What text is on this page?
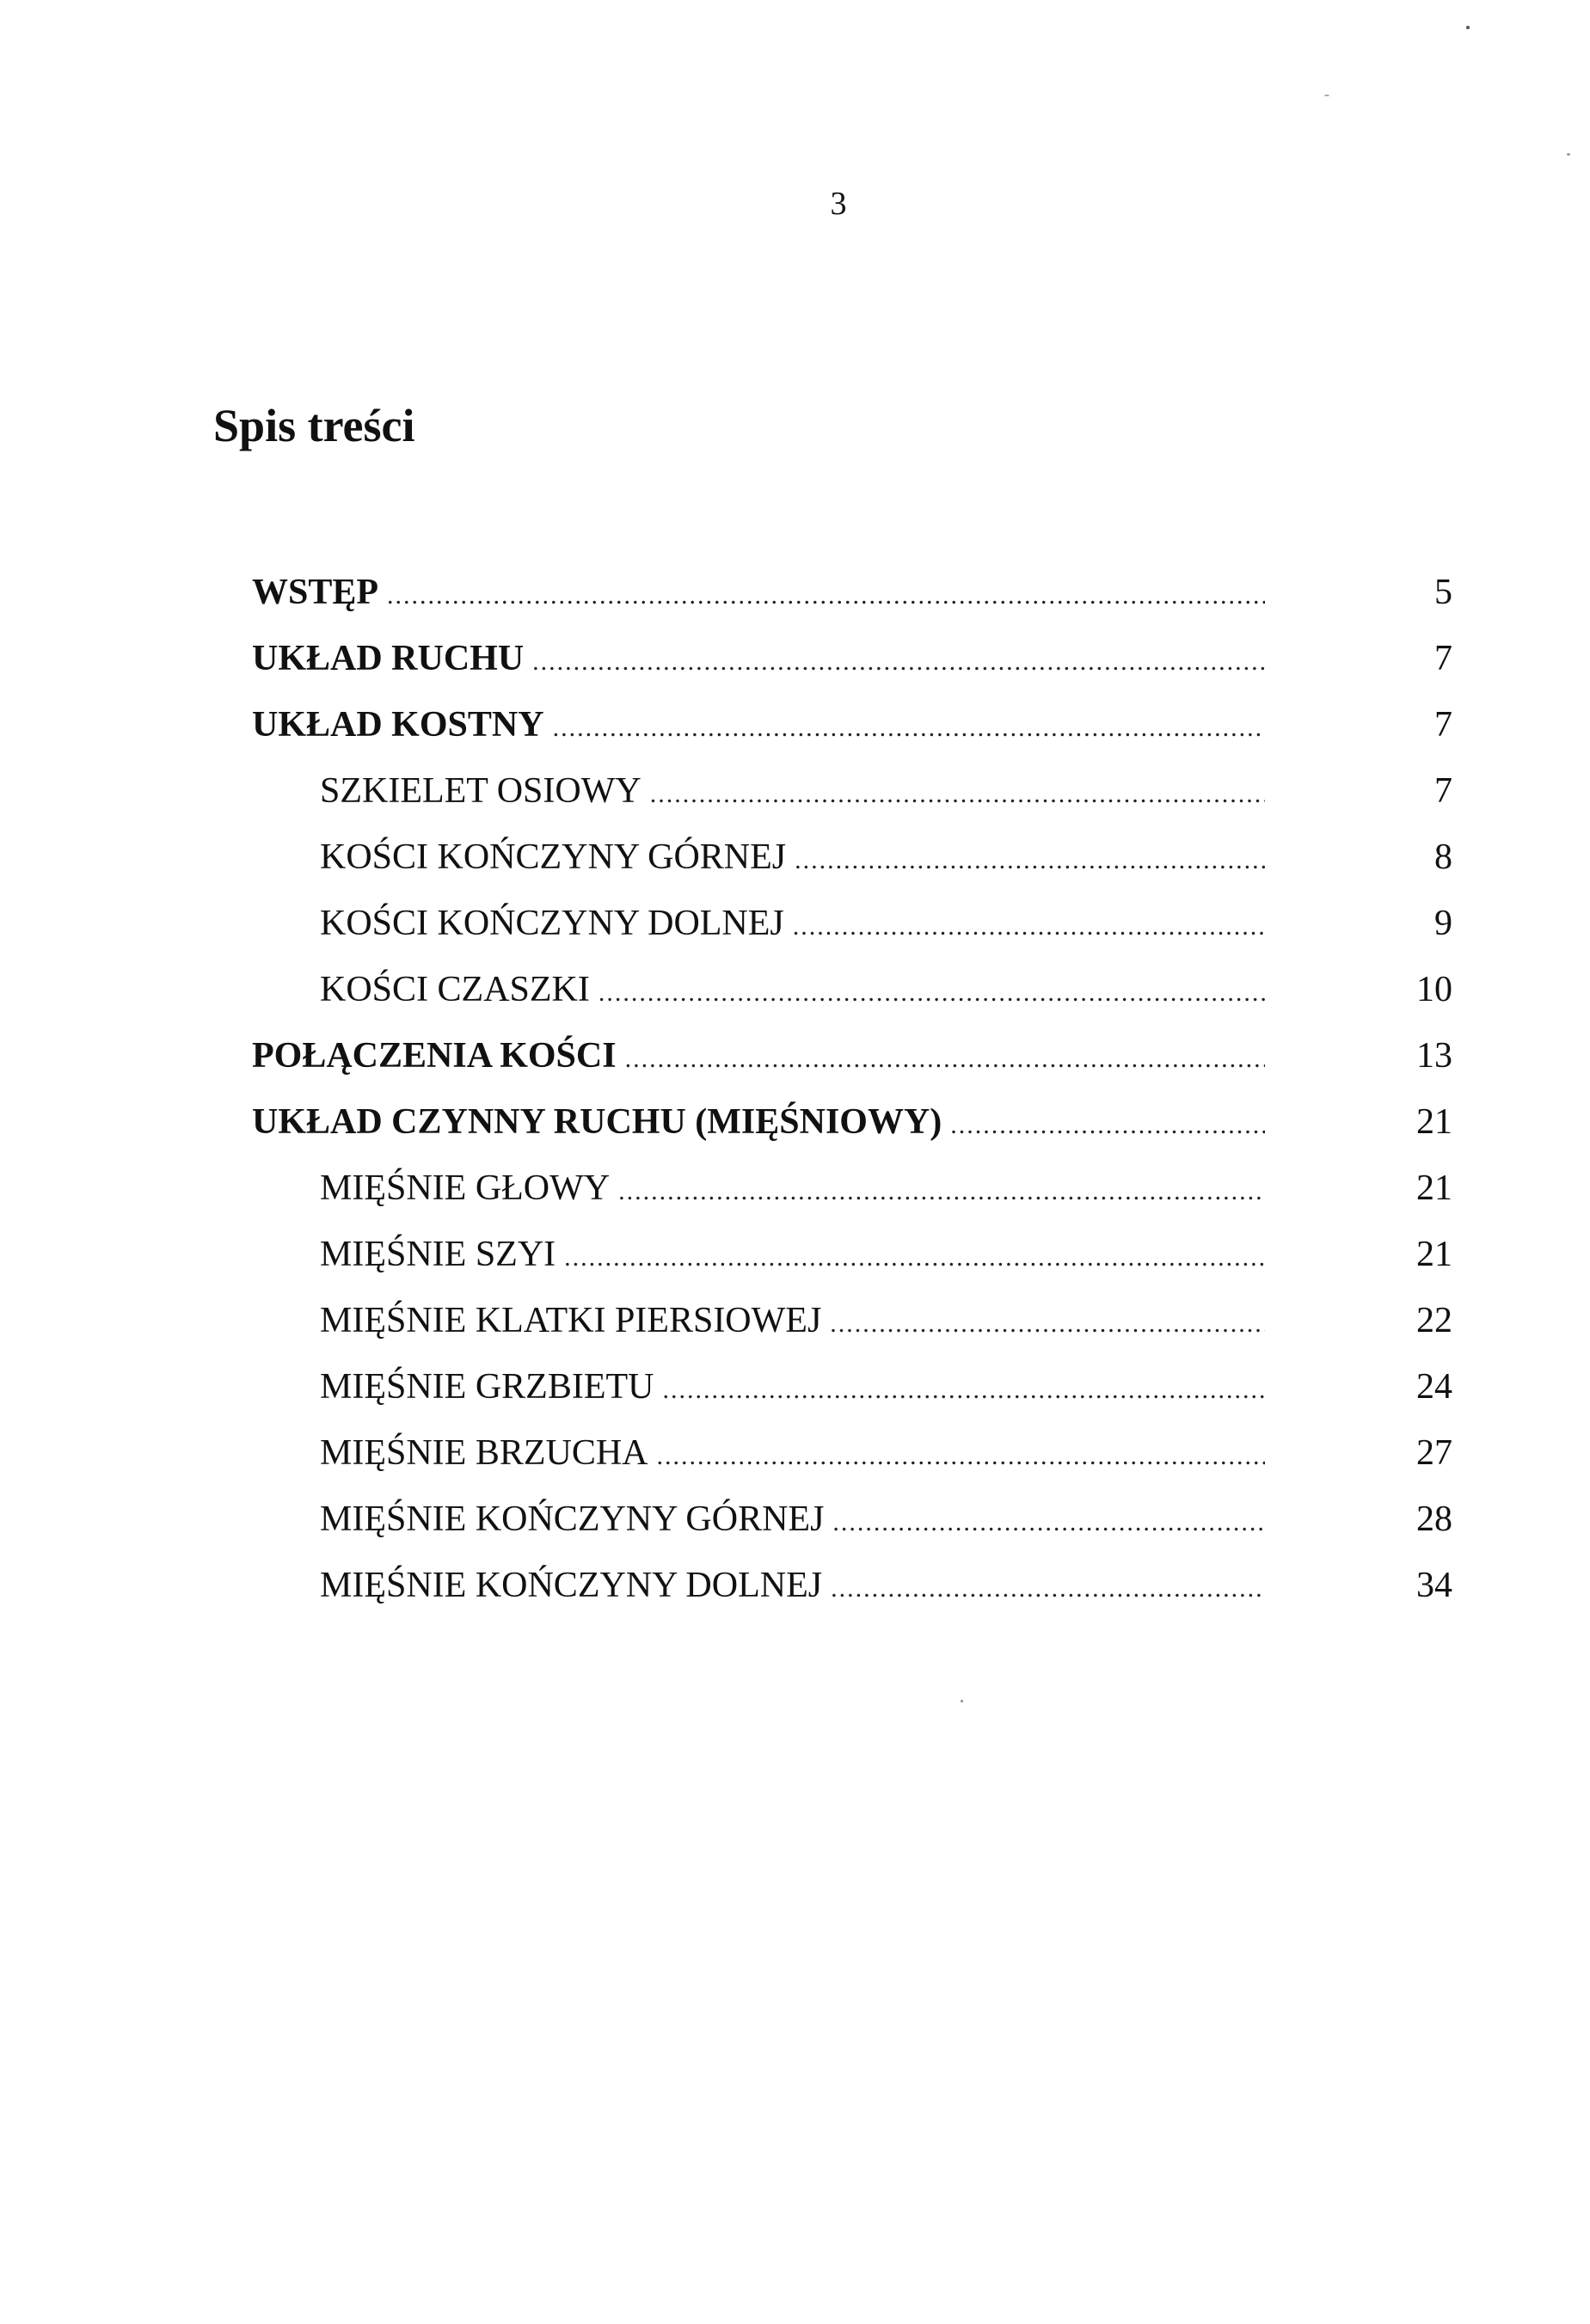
3
Spis treści
WSTĘP .....	5
UKŁAD RUCHU .....	7
UKŁAD KOSTNY .....	7
SZKIELET OSIOWY .....	7
KOŚCI KOŃCZYNY GÓRNEJ .....	8
KOŚCI KOŃCZYNY DOLNEJ .....	9
KOŚCI CZASZKI .....	10
POŁĄCZENIA KOŚCI .....	13
UKŁAD CZYNNY RUCHU (MIĘŚNIOWY) .....	21
MIĘŚNIE GŁOWY .....	21
MIĘŚNIE SZYI .....	21
MIĘŚNIE KLATKI PIERSIOWEJ .....	22
MIĘŚNIE GRZBIETU .....	24
MIĘŚNIE BRZUCHA .....	27
MIĘŚNIE KOŃCZYNY GÓRNEJ .....	28
MIĘŚNIE KOŃCZYNY DOLNEJ .....	34
